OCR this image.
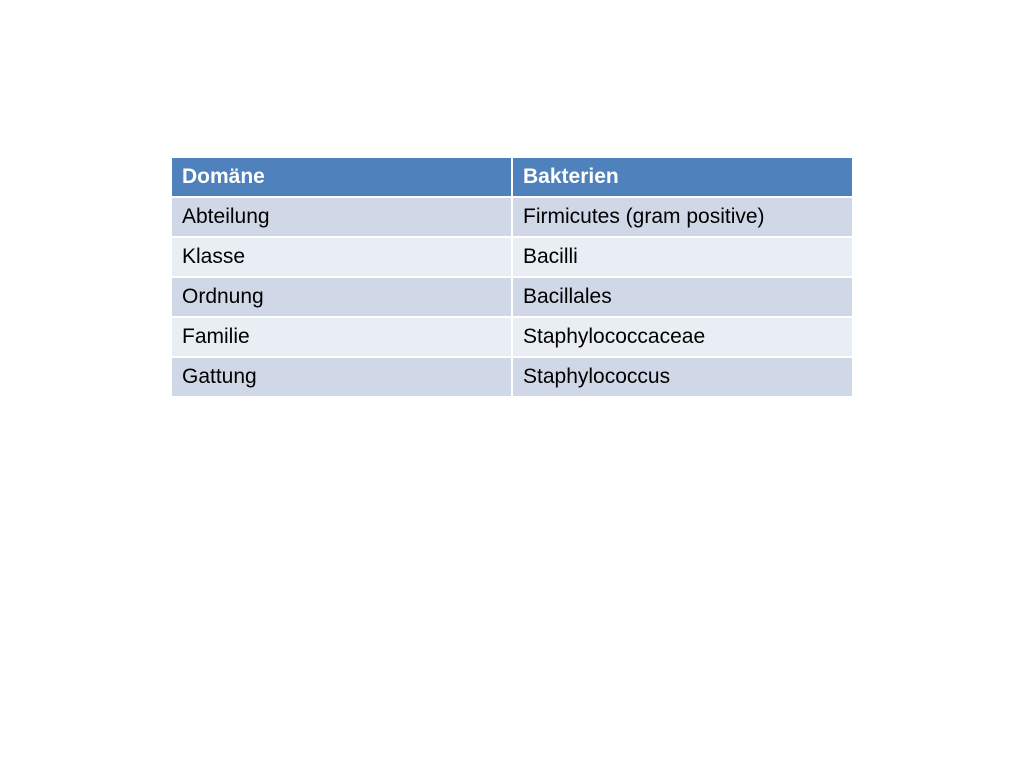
Domäne	Bakterien
Abteilung	Firmicutes (gram positive)
Klasse	Bacilli
Ordnung	Bacillales
Familie	Staphylococcaceae
Gattung	Staphylococcus
